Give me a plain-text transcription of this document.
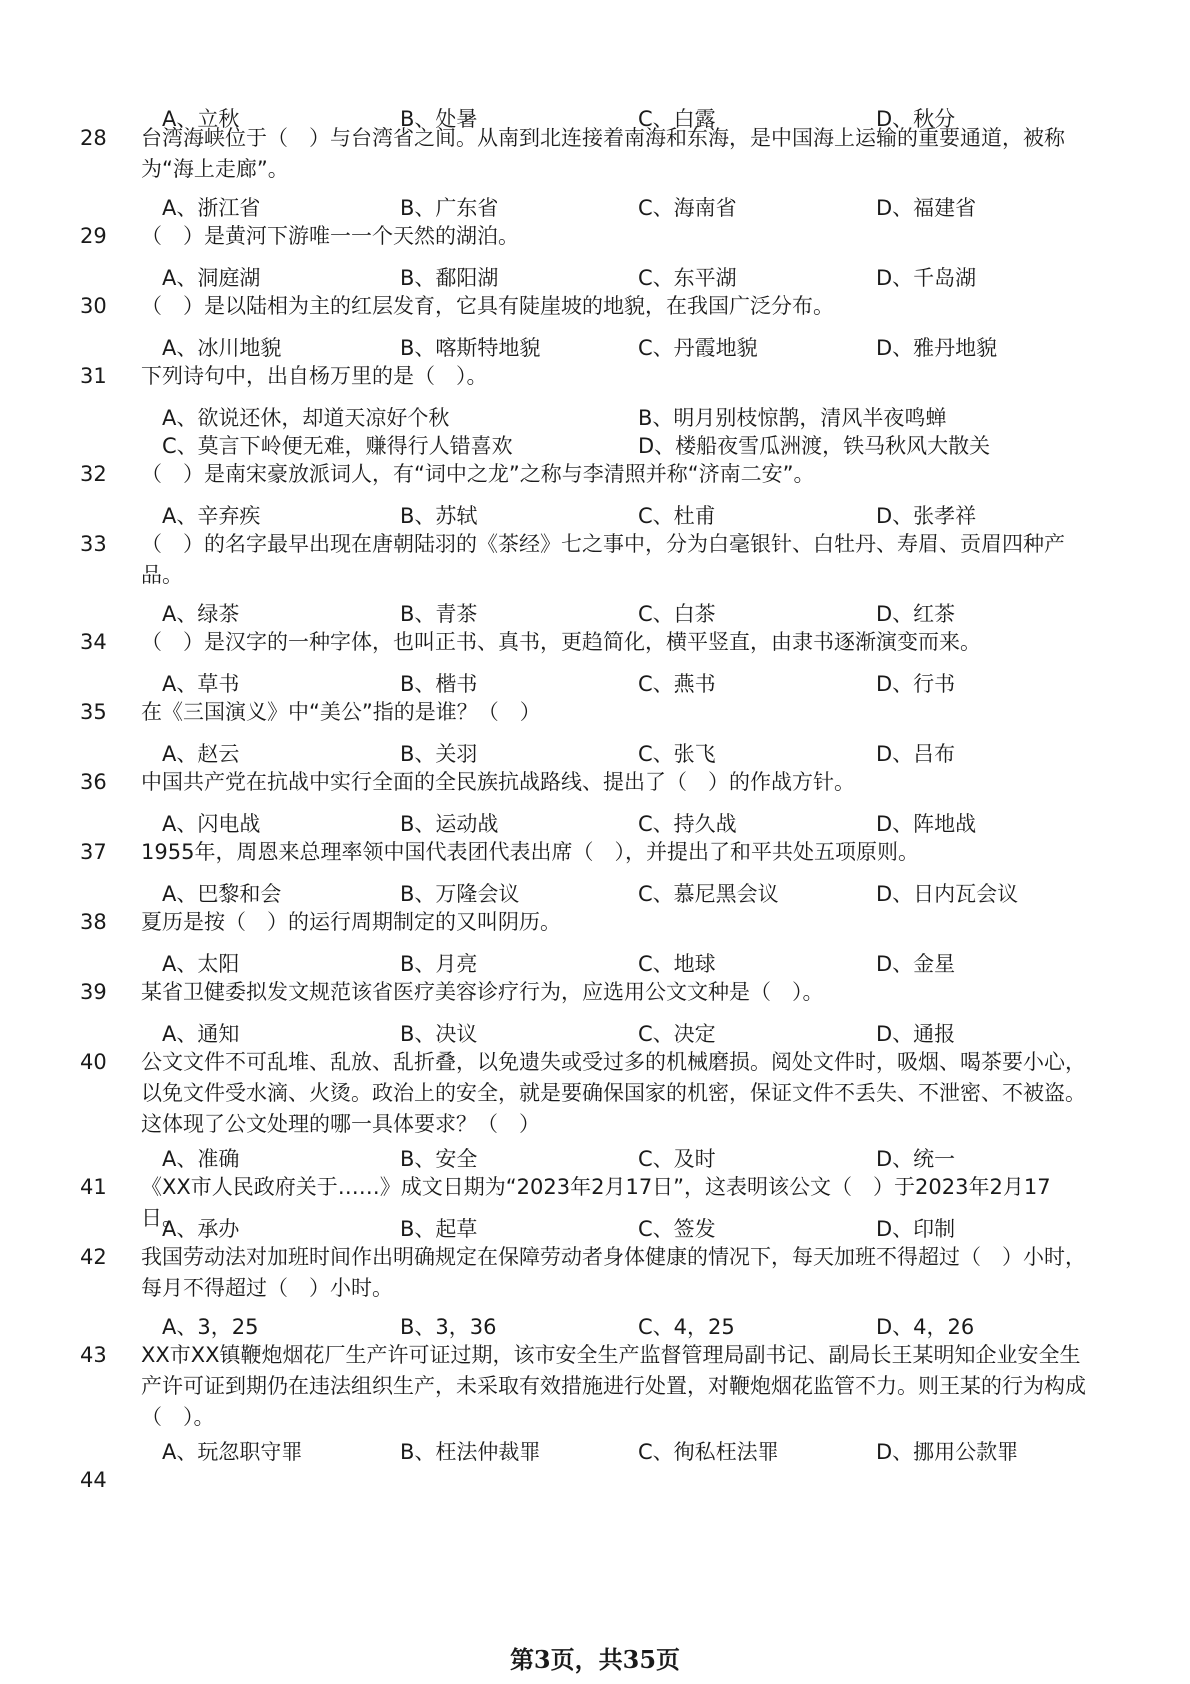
A、立秋	B、处暑	C、白露	D、秋分
28	台湾海峡位于（　）与台湾省之间。从南到北连接着南海和东海，是中国海上运输的重要通道，被称为“海上走廊”。
A、浙江省	B、广东省	C、海南省	D、福建省
29	（　）是黄河下游唯一一个天然的湖泊。
A、洞庭湖	B、鄱阳湖	C、东平湖	D、千岛湖
30	（　）是以陆相为主的红层发育，它具有陡崖坡的地貌，在我国广泛分布。
A、冰川地貌	B、喀斯特地貌	C、丹霞地貌	D、雅丹地貌
31	下列诗句中，出自杨万里的是（　）。
A、欲说还休，却道天凉好个秋	B、明月别枝惊鹊，清风半夜鸣蝉
C、莫言下岭便无难，赚得行人错喜欢	D、楼船夜雪瓜洲渡，铁马秋风大散关
32	（　）是南宋豪放派词人，有“词中之龙”之称与李清照并称“济南二安”。
A、辛弃疾	B、苏轼	C、杜甫	D、张孝祥
33	（　）的名字最早出现在唐朝陆羽的《茶经》七之事中，分为白毫银针、白牡丹、寿眉、贡眉四种产品。
A、绿茶	B、青茶	C、白茶	D、红茶
34	（　）是汉字的一种字体，也叫正书、真书，更趋简化，横平竖直，由隶书逐渐演变而来。
A、草书	B、楷书	C、燕书	D、行书
35	在《三国演义》中“美公”指的是谁？（　）
A、赵云	B、关羽	C、张飞	D、吕布
36	中国共产党在抗战中实行全面的全民族抗战路线、提出了（　）的作战方针。
A、闪电战	B、运动战	C、持久战	D、阵地战
37	1955年，周恩来总理率领中国代表团代表出席（　），并提出了和平共处五项原则。
A、巴黎和会	B、万隆会议	C、慕尼黑会议	D、日内瓦会议
38	夏历是按（　）的运行周期制定的又叫阴历。
A、太阳	B、月亮	C、地球	D、金星
39	某省卫健委拟发文规范该省医疗美容诊疗行为，应选用公文文种是（　）。
A、通知	B、决议	C、决定	D、通报
40	公文文件不可乱堆、乱放、乱折叠，以免遗失或受过多的机械磨损。阅处文件时，吸烟、喝茶要小心，以免文件受水滴、火烫。政治上的安全，就是要确保国家的机密，保证文件不丢失、不泄密、不被盗。这体现了公文处理的哪一具体要求？（　）
A、准确	B、安全	C、及时	D、统一
41	《XX市人民政府关于……》成文日期为“2023年2月17日”，这表明该公文（　）于2023年2月17日。
A、承办	B、起草	C、签发	D、印制
42	我国劳动法对加班时间作出明确规定在保障劳动者身体健康的情况下，每天加班不得超过（　）小时，每月不得超过（　）小时。
A、3，25	B、3，36	C、4，25	D、4，26
43	XX市XX镇鞭炮烟花厂生产许可证过期，该市安全生产监督管理局副书记、副局长王某明知企业安全生产许可证到期仍在违法组织生产，未采取有效措施进行处置，对鞭炮烟花监管不力。则王某的行为构成（　）。
A、玩忽职守罪	B、枉法仲裁罪	C、徇私枉法罪	D、挪用公款罪
44
第3页，共35页
